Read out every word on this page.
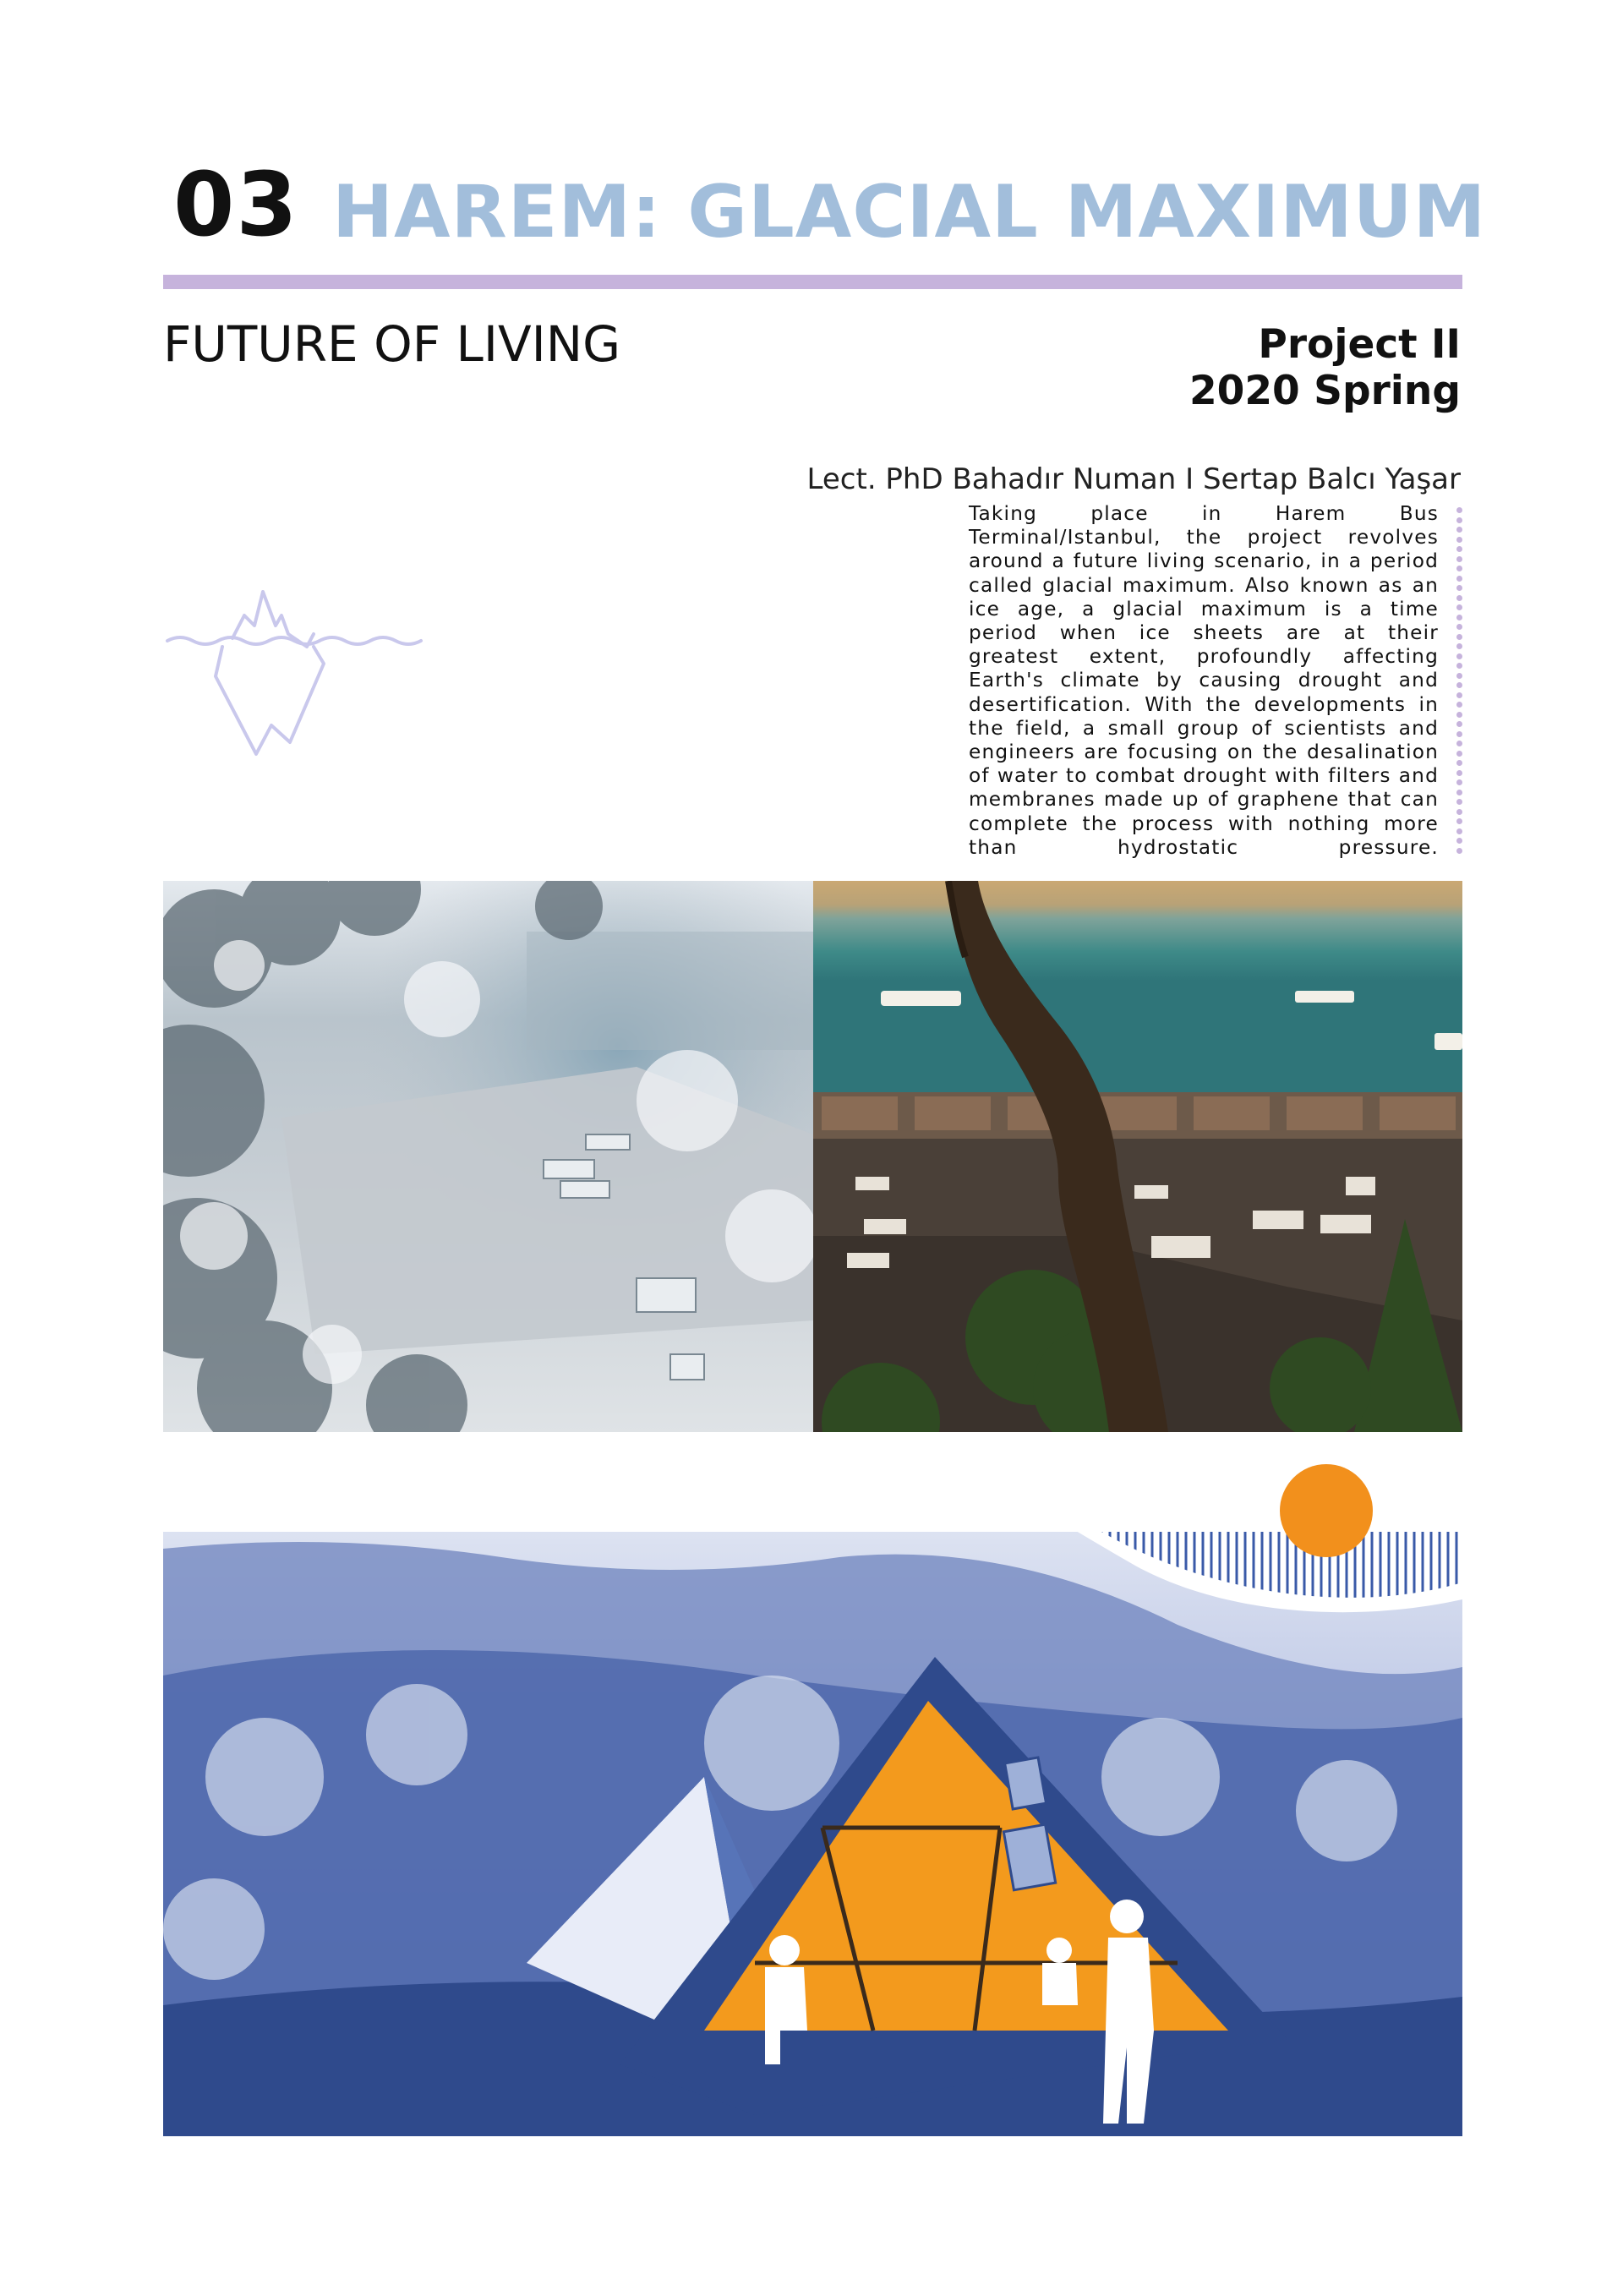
03 HAREM: GLACIAL MAXIMUM
FUTURE OF LIVING	Project II
2020 Spring
Lect. PhD Bahadır Numan I Sertap Balcı Yaşar
Taking place in Harem Bus Terminal/Istanbul, the project revolves around a future living scenario, in a period called glacial maximum. Also known as an ice age, a glacial maximum is a time period when ice sheets are at their greatest extent, profoundly affecting Earth's climate by causing drought and desertification. With the developments in the field, a small group of scientists and engineers are focusing on the desalination of water to combat drought with filters and membranes made up of graphene that can complete the process with nothing more than hydrostatic pressure.
